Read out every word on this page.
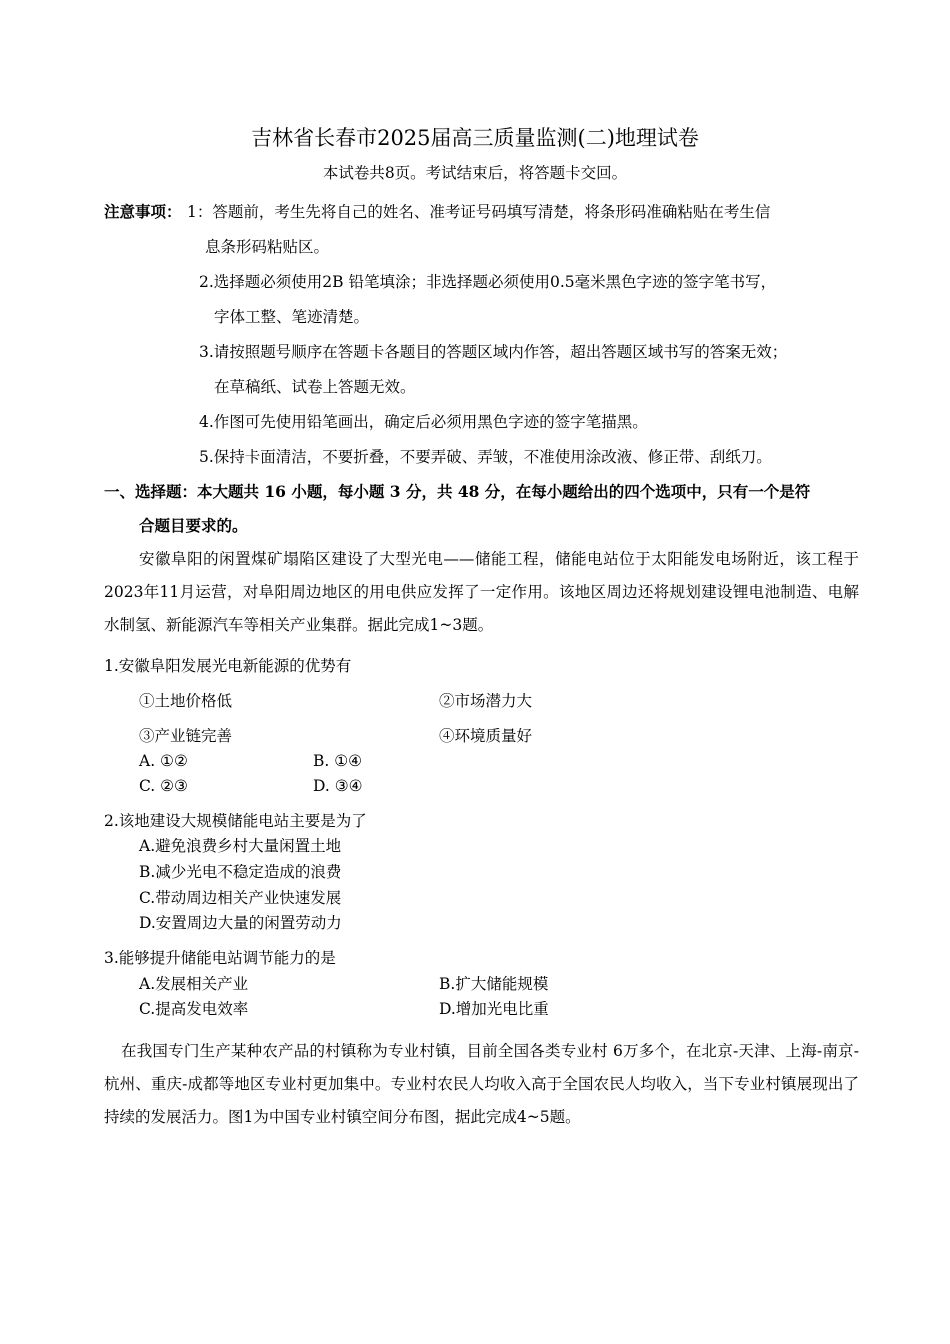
吉林省长春市2025届高三质量监测(二)地理试卷
本试卷共8页。考试结束后，将答题卡交回。
注意事项： 1：答题前，考生先将自己的姓名、准考证号码填写清楚，将条形码准确粘贴在考生信
息条形码粘贴区。
2.选择题必须使用2B 铅笔填涂；非选择题必须使用0.5毫米黑色字迹的签字笔书写，
字体工整、笔迹清楚。
3.请按照题号顺序在答题卡各题目的答题区域内作答，超出答题区域书写的答案无效；
在草稿纸、试卷上答题无效。
4.作图可先使用铅笔画出，确定后必须用黑色字迹的签字笔描黑。
5.保持卡面清洁，不要折叠，不要弄破、弄皱，不准使用涂改液、修正带、刮纸刀。
一、选择题：本大题共 16 小题，每小题 3 分，共 48 分，在每小题给出的四个选项中，只有一个是符
合题目要求的。
安徽阜阳的闲置煤矿塌陷区建设了大型光电——储能工程，储能电站位于太阳能发电场附近，该工程于2023年11月运营，对阜阳周边地区的用电供应发挥了一定作用。该地区周边还将规划建设锂电池制造、电解水制氢、新能源汽车等相关产业集群。据此完成1~3题。
1.安徽阜阳发展光电新能源的优势有
①土地价格低	②市场潜力大
③产业链完善	④环境质量好
A. ①②	B. ①④
C. ②③	D. ③④
2.该地建设大规模储能电站主要是为了
A.避免浪费乡村大量闲置土地
B.减少光电不稳定造成的浪费
C.带动周边相关产业快速发展
D.安置周边大量的闲置劳动力
3.能够提升储能电站调节能力的是
A.发展相关产业	B.扩大储能规模
C.提高发电效率	D.增加光电比重
在我国专门生产某种农产品的村镇称为专业村镇，目前全国各类专业村 6万多个，在北京-天津、上海-南京-杭州、重庆-成都等地区专业村更加集中。专业村农民人均收入高于全国农民人均收入，当下专业村镇展现出了持续的发展活力。图1为中国专业村镇空间分布图，据此完成4~5题。
